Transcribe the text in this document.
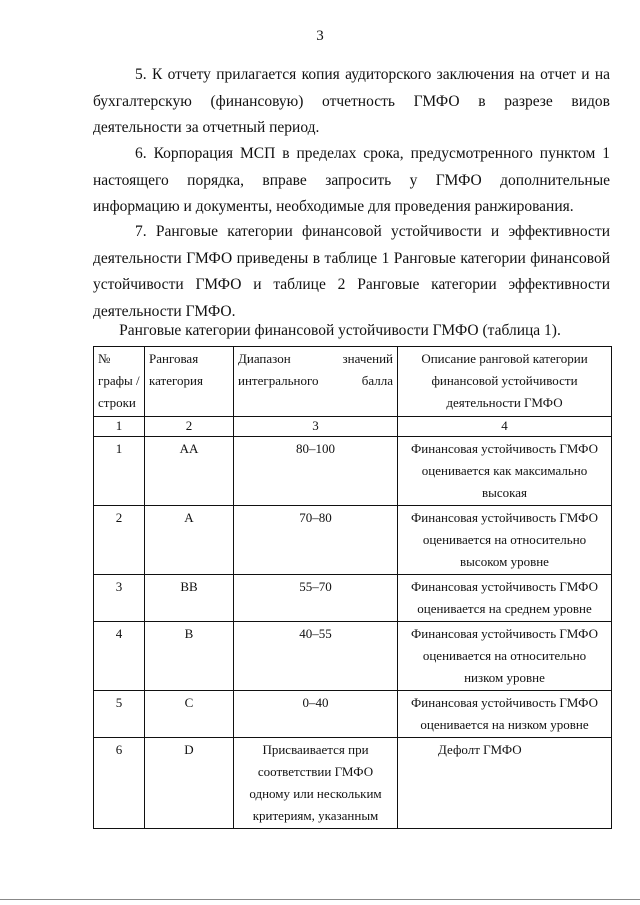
3

5. К отчету прилагается копия аудиторского заключения на отчет и на бухгалтерскую (финансовую) отчетность ГМФО в разрезе видов деятельности за отчетный период.

6. Корпорация МСП в пределах срока, предусмотренного пунктом 1 настоящего порядка, вправе запросить у ГМФО дополнительные информацию и документы, необходимые для проведения ранжирования.

7. Ранговые категории финансовой устойчивости и эффективности деятельности ГМФО приведены в таблице 1 Ранговые категории финансовой устойчивости ГМФО и таблице 2 Ранговые категории эффективности деятельности ГМФО.

Ранговые категории финансовой устойчивости ГМФО (таблица 1).
№ графы /строки	Ранговая категория	Диапазон значений интегрального балла	Описание ранговой категории финансовой устойчивости деятельности ГМФО
1	2	3	4
1	АА	80–100	Финансовая устойчивость ГМФО оценивается как максимально высокая
2	А	70–80	Финансовая устойчивость ГМФО оценивается на относительно высоком уровне
3	ВВ	55–70	Финансовая устойчивость ГМФО оценивается на среднем уровне
4	В	40–55	Финансовая устойчивость ГМФО оценивается на относительно низком уровне
5	С	0–40	Финансовая устойчивость ГМФО оценивается на низком уровне
6	D	Присваивается при соответствии ГМФО одному или нескольким критериям, указанным	Дефолт ГМФО
